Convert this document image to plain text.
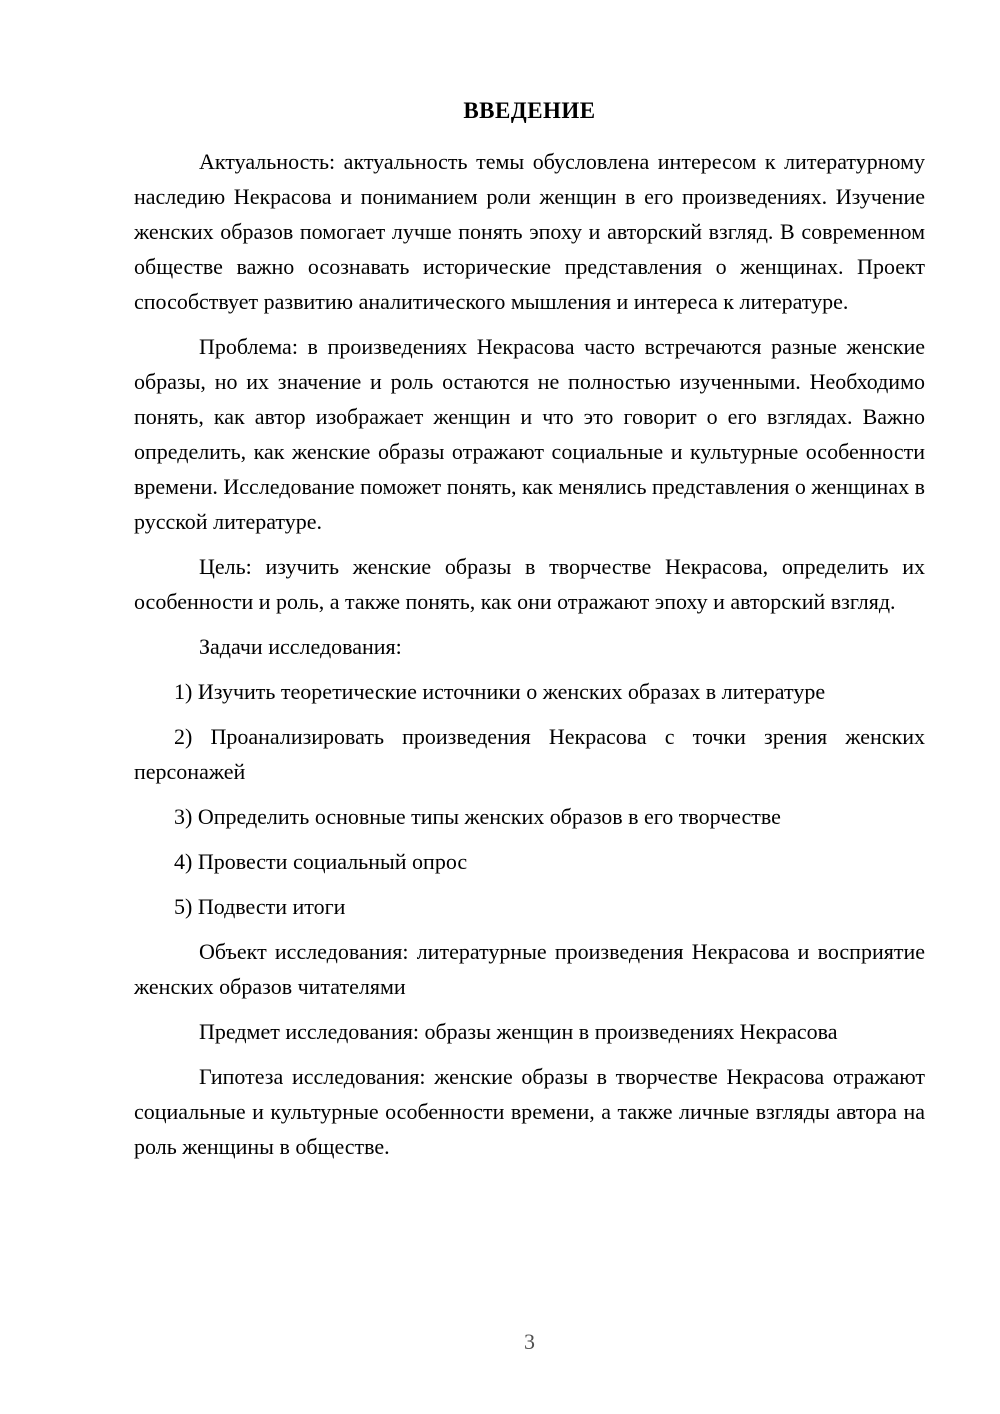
ВВЕДЕНИЕ

Актуальность: актуальность темы обусловлена интересом к литературному наследию Некрасова и пониманием роли женщин в его произведениях. Изучение женских образов помогает лучше понять эпоху и авторский взгляд. В современном обществе важно осознавать исторические представления о женщинах. Проект способствует развитию аналитического мышления и интереса к литературе.

Проблема: в произведениях Некрасова часто встречаются разные женские образы, но их значение и роль остаются не полностью изученными. Необходимо понять, как автор изображает женщин и что это говорит о его взглядах. Важно определить, как женские образы отражают социальные и культурные особенности времени. Исследование поможет понять, как менялись представления о женщинах в русской литературе.

Цель: изучить женские образы в творчестве Некрасова, определить их особенности и роль, а также понять, как они отражают эпоху и авторский взгляд.

Задачи исследования:

1) Изучить теоретические источники о женских образах в литературе

2) Проанализировать произведения Некрасова с точки зрения женских персонажей

3) Определить основные типы женских образов в его творчестве

4) Провести социальный опрос

5) Подвести итоги

Объект исследования: литературные произведения Некрасова и восприятие женских образов читателями

Предмет исследования: образы женщин в произведениях Некрасова

Гипотеза исследования: женские образы в творчестве Некрасова отражают социальные и культурные особенности времени, а также личные взгляды автора на роль женщины в обществе.

3
